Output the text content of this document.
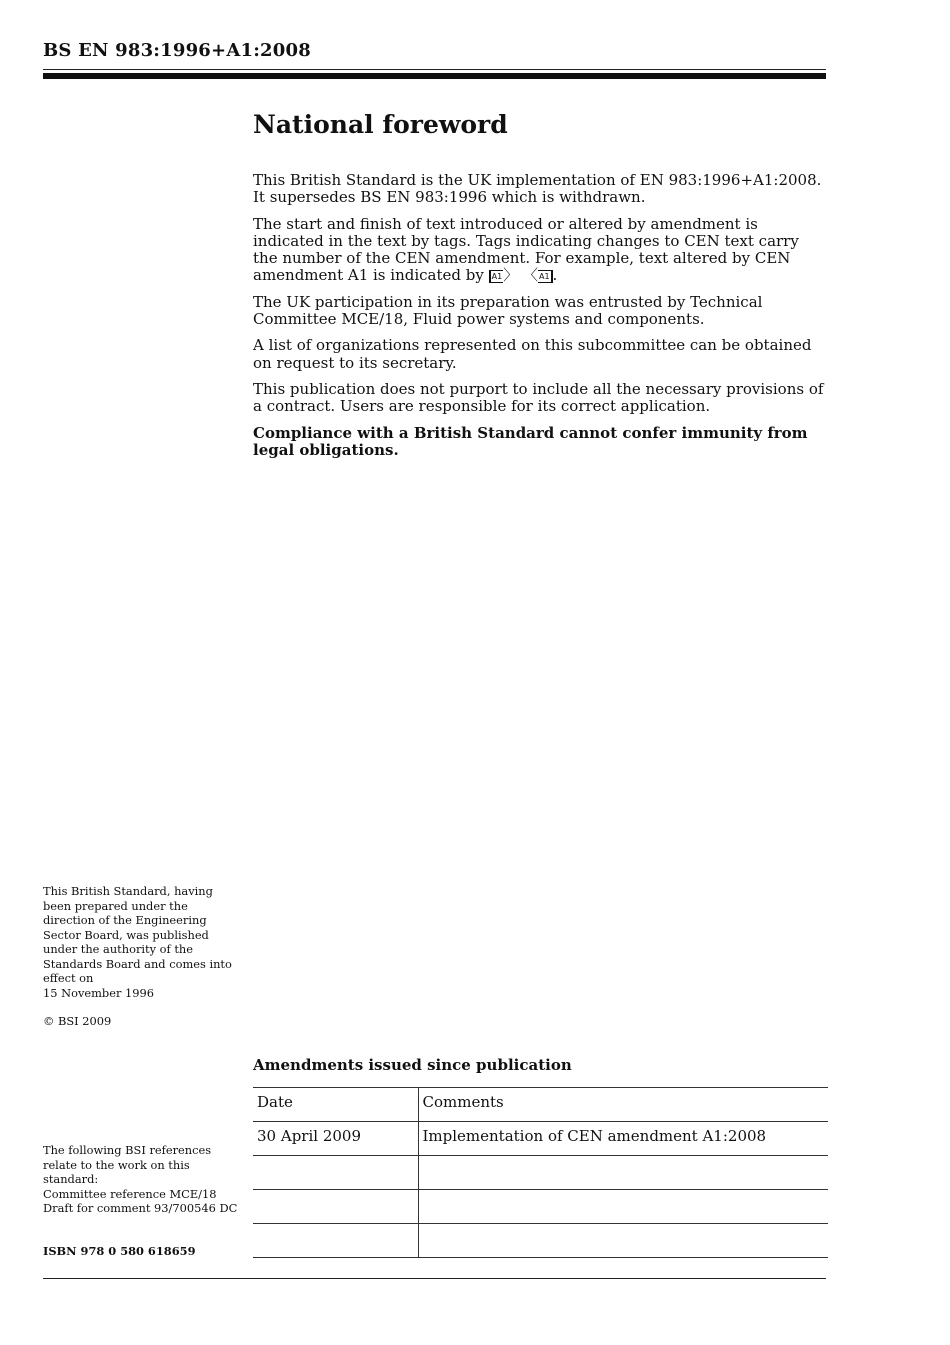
BS EN 983:1996+A1:2008
National foreword

This British Standard is the UK implementation of EN 983:1996+A1:2008.
It supersedes BS EN 983:1996 which is withdrawn.

The start and finish of text introduced or altered by amendment is indicated in the text by tags. Tags indicating changes to CEN text carry the number of the CEN amendment. For example, text altered by CEN amendment A1 is indicated by A1〉 〈A1 .

The UK participation in its preparation was entrusted by Technical Committee MCE/18, Fluid power systems and components.

A list of organizations represented on this subcommittee can be obtained on request to its secretary.

This publication does not purport to include all the necessary provisions of a contract. Users are responsible for its correct application.

Compliance with a British Standard cannot confer immunity from legal obligations.

This British Standard, having

been prepared under the

direction of the Engineering

Sector Board, was published

under the authority of the

Standards Board and comes into

effect on

15 November 1996

© BSI 2009

The following BSI references

relate to the work on this

standard:

Committee reference MCE/18

Draft for comment 93/700546 DC

ISBN 978 0 580 618659
Amendments issued since publication
Date	Comments
30 April 2009	Implementation of CEN amendment A1:2008
